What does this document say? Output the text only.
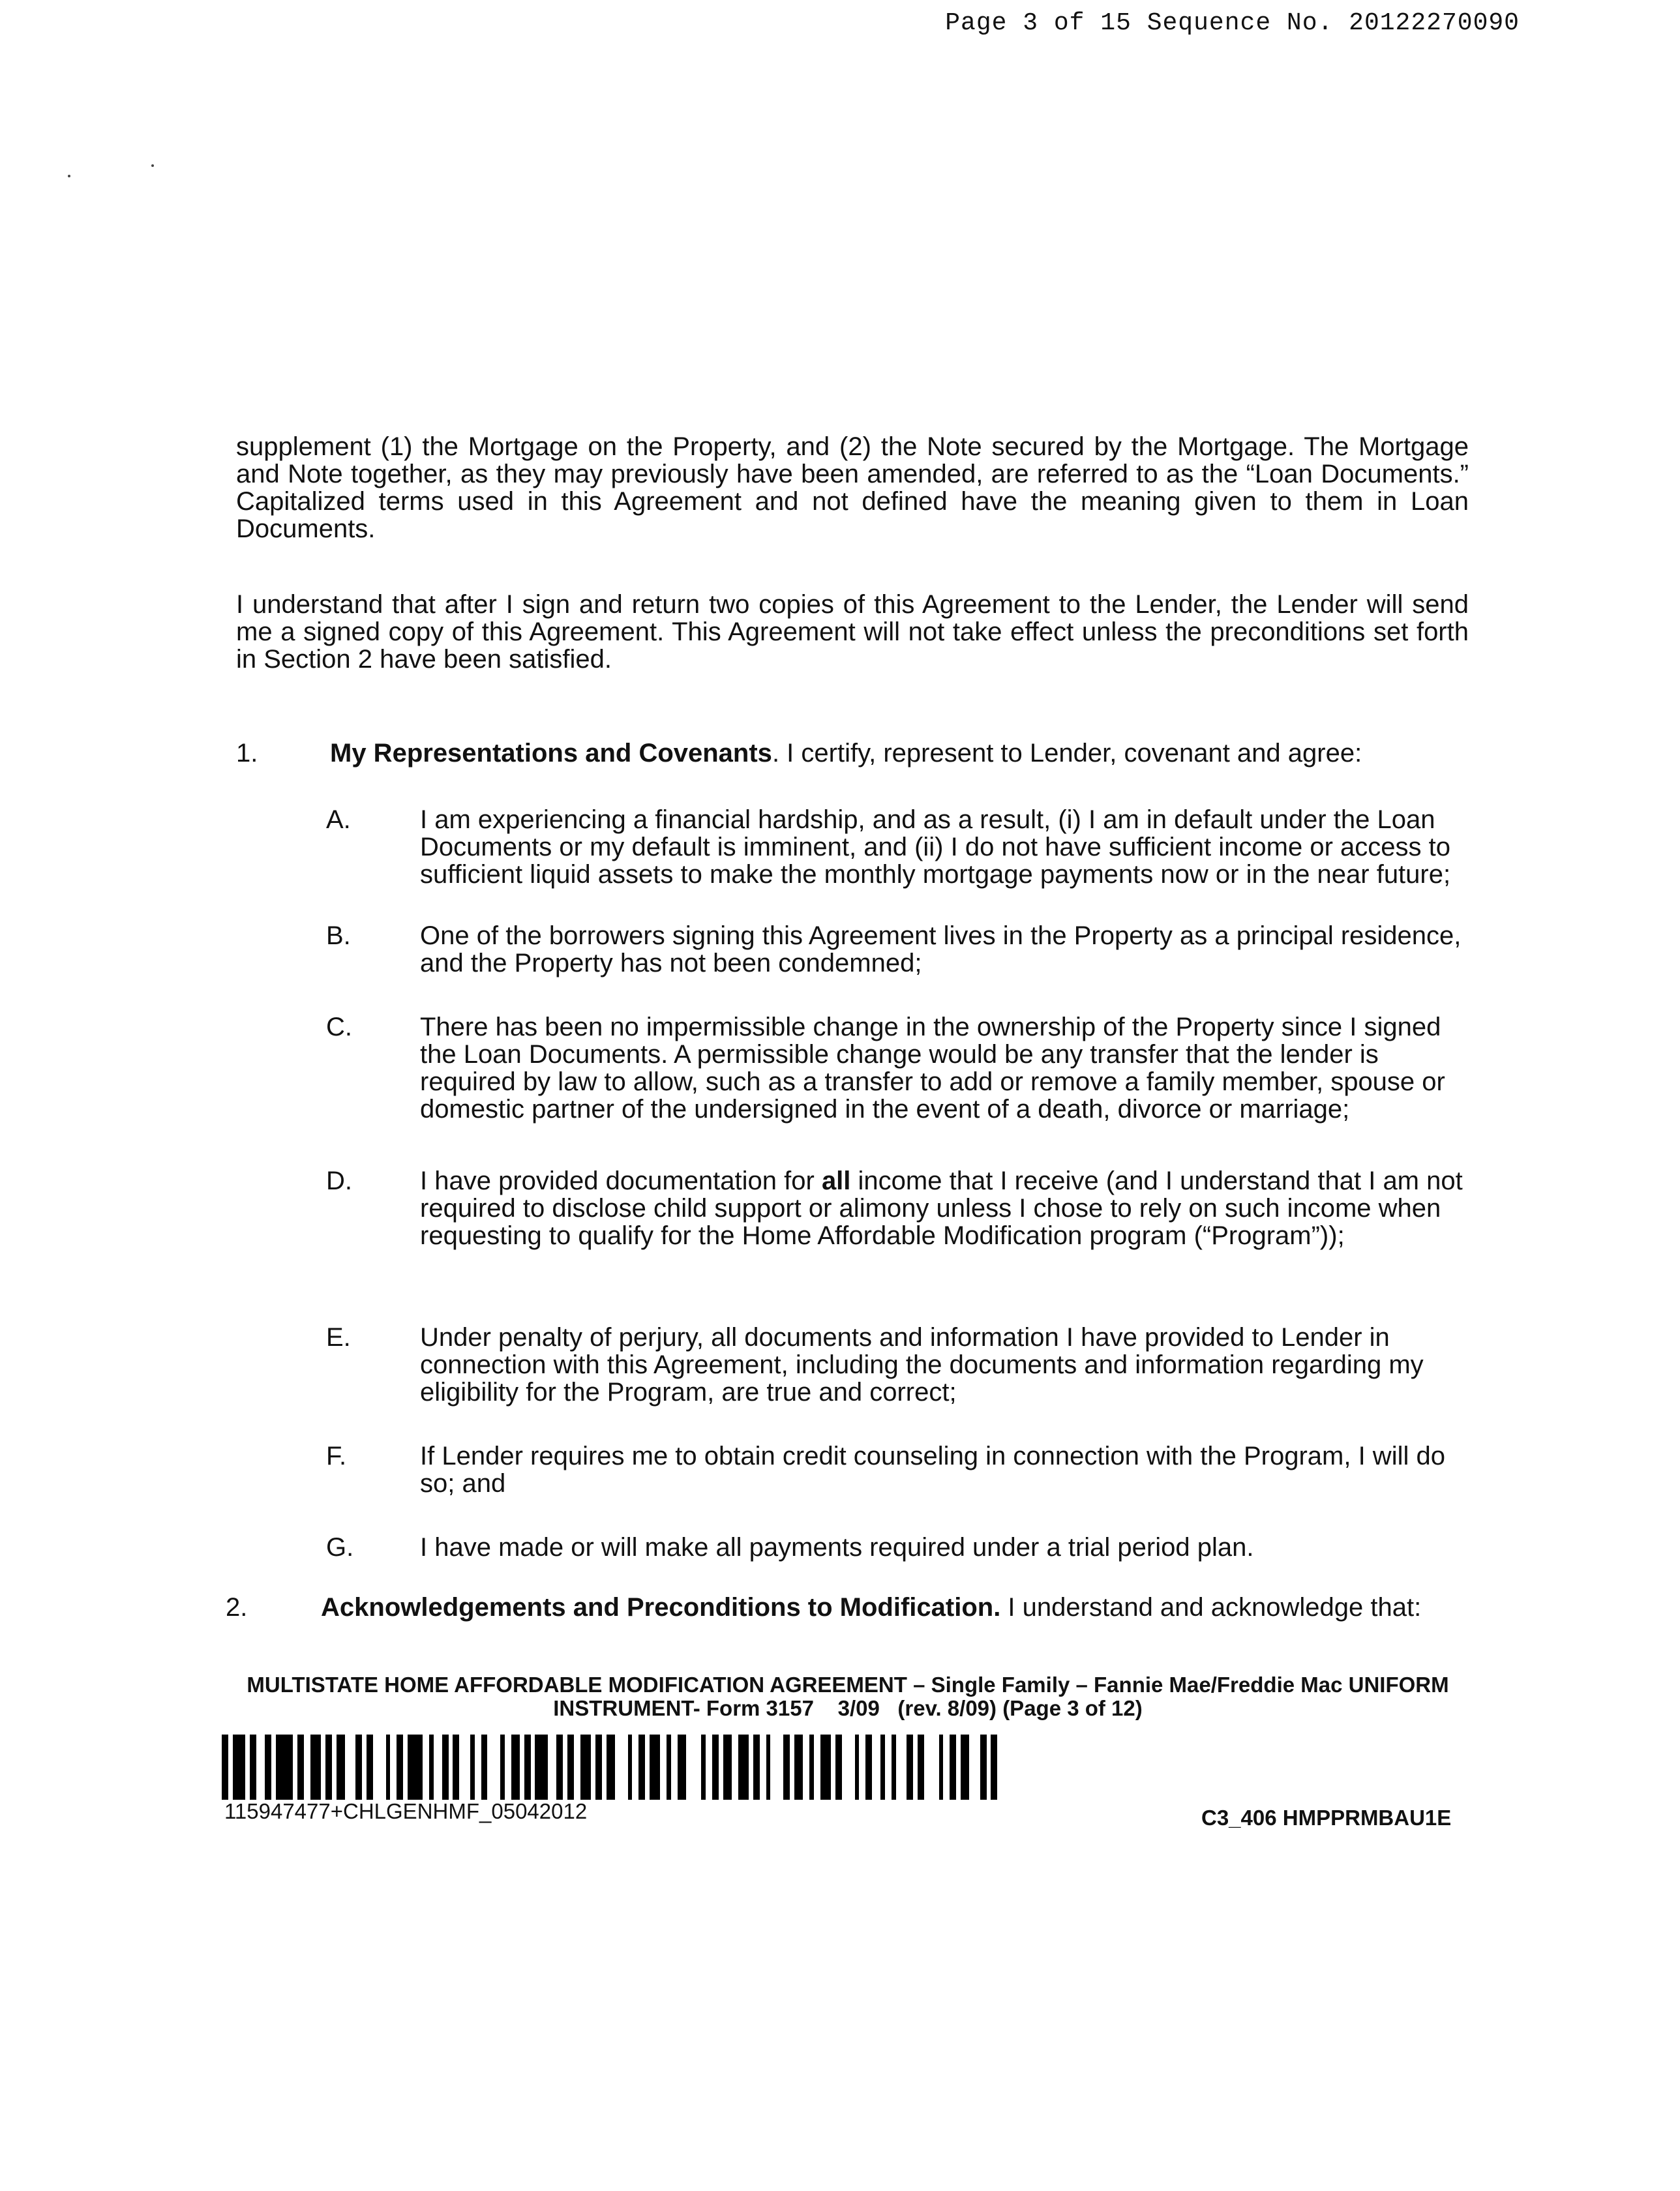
Page 3 of 15 Sequence No. 20122270090
supplement (1) the Mortgage on the Property, and (2) the Note secured by the Mortgage. The Mortgage and Note together, as they may previously have been amended, are referred to as the “Loan Documents.” Capitalized terms used in this Agreement and not defined have the meaning given to them in Loan Documents.
I understand that after I sign and return two copies of this Agreement to the Lender, the Lender will send me a signed copy of this Agreement. This Agreement will not take effect unless the preconditions set forth in Section 2 have been satisfied.
1.	My Representations and Covenants. I certify, represent to Lender, covenant and agree:
A.	I am experiencing a financial hardship, and as a result, (i) I am in default under the Loan Documents or my default is imminent, and (ii) I do not have sufficient income or access to sufficient liquid assets to make the monthly mortgage payments now or in the near future;
B.	One of the borrowers signing this Agreement lives in the Property as a principal residence, and the Property has not been condemned;
C.	There has been no impermissible change in the ownership of the Property since I signed the Loan Documents. A permissible change would be any transfer that the lender is required by law to allow, such as a transfer to add or remove a family member, spouse or domestic partner of the undersigned in the event of a death, divorce or marriage;
D.	I have provided documentation for all income that I receive (and I understand that I am not required to disclose child support or alimony unless I chose to rely on such income when requesting to qualify for the Home Affordable Modification program (“Program”));
E.	Under penalty of perjury, all documents and information I have provided to Lender in connection with this Agreement, including the documents and information regarding my eligibility for the Program, are true and correct;
F.	If Lender requires me to obtain credit counseling in connection with the Program, I will do so; and
G.	I have made or will make all payments required under a trial period plan.
2.	Acknowledgements and Preconditions to Modification. I understand and acknowledge that:
MULTISTATE HOME AFFORDABLE MODIFICATION AGREEMENT – Single Family – Fannie Mae/Freddie Mac UNIFORM
INSTRUMENT- Form 3157    3/09   (rev. 8/09) (Page 3 of 12)
115947477+CHLGENHMF_05042012	C3_406 HMPPRMBAU1E
